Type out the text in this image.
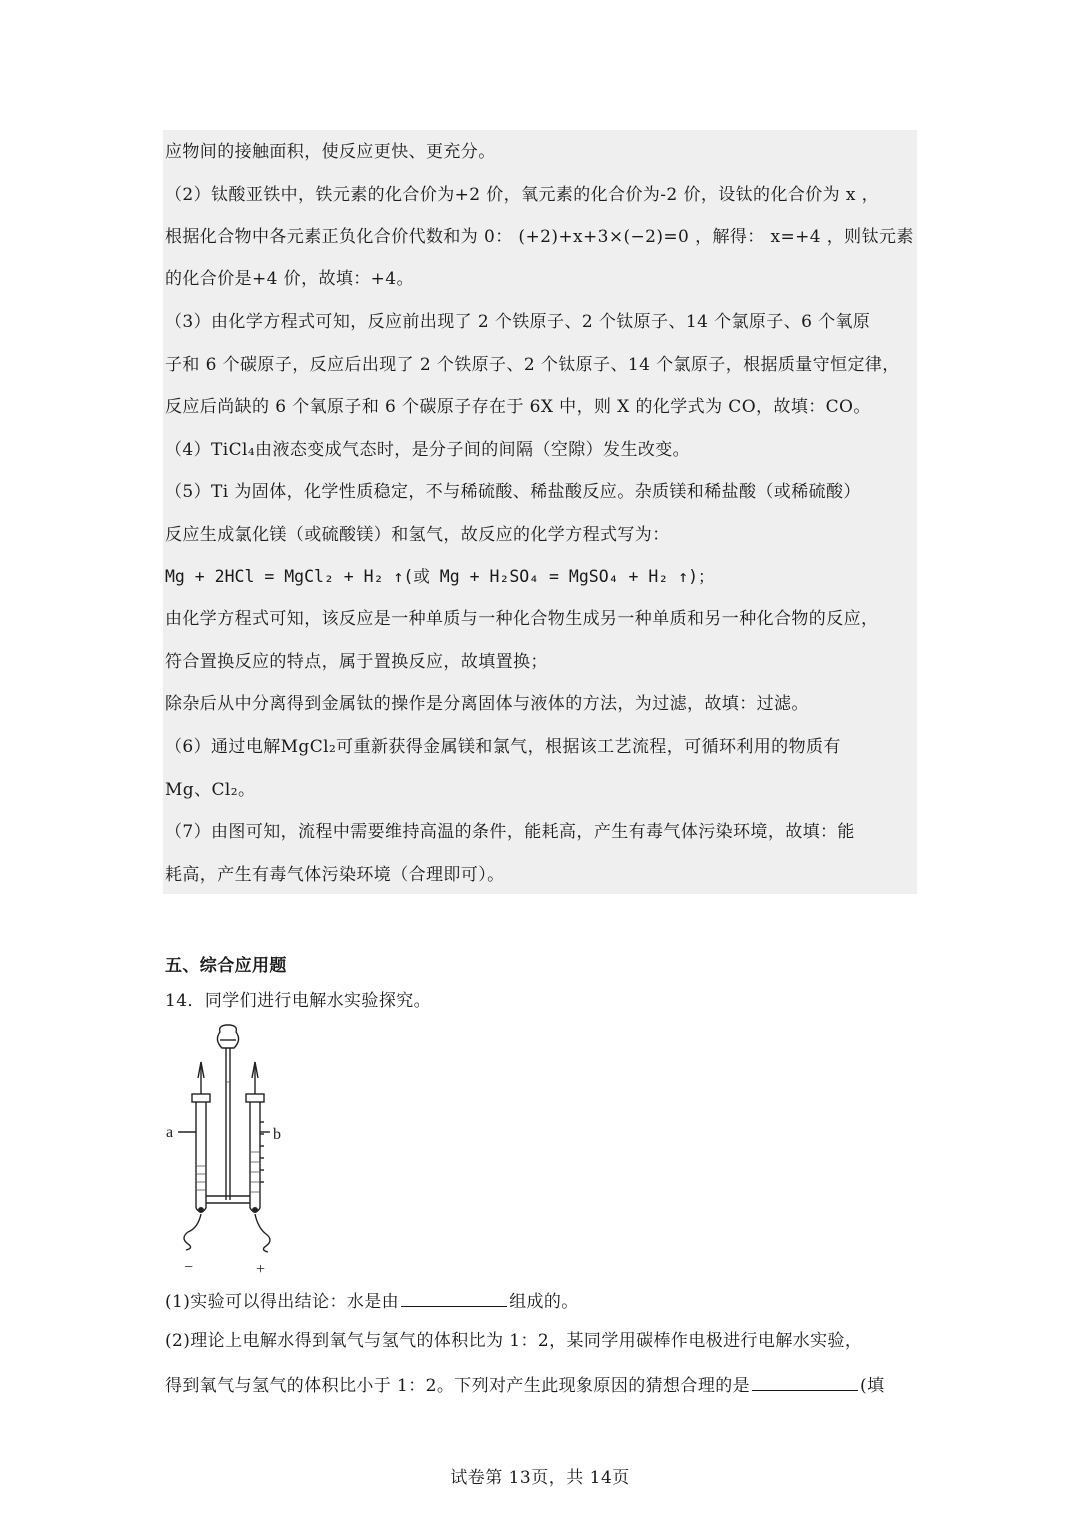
应物间的接触面积，使反应更快、更充分。
（2）钛酸亚铁中，铁元素的化合价为+2 价，氧元素的化合价为-2 价，设钛的化合价为 x ，
根据化合物中各元素正负化合价代数和为 0： (+2)+x+3×(−2)=0 ，解得： x=+4 ，则钛元素
的化合价是+4 价，故填：+4。
（3）由化学方程式可知，反应前出现了 2 个铁原子、2 个钛原子、14 个氯原子、6 个氧原
子和 6 个碳原子，反应后出现了 2 个铁原子、2 个钛原子、14 个氯原子，根据质量守恒定律，
反应后尚缺的 6 个氧原子和 6 个碳原子存在于 6X 中，则 X 的化学式为 CO，故填：CO。
（4）TiCl₄由液态变成气态时，是分子间的间隔（空隙）发生改变。
（5）Ti 为固体，化学性质稳定，不与稀硫酸、稀盐酸反应。杂质镁和稀盐酸（或稀硫酸）
反应生成氯化镁（或硫酸镁）和氢气，故反应的化学方程式写为：
Mg + 2HCl = MgCl₂ + H₂ ↑(或 Mg + H₂SO₄ = MgSO₄ + H₂ ↑)；
由化学方程式可知，该反应是一种单质与一种化合物生成另一种单质和另一种化合物的反应，
符合置换反应的特点，属于置换反应，故填置换；
除杂后从中分离得到金属钛的操作是分离固体与液体的方法，为过滤，故填：过滤。
（6）通过电解MgCl₂可重新获得金属镁和氯气，根据该工艺流程，可循环利用的物质有
Mg、Cl₂。
（7）由图可知，流程中需要维持高温的条件，能耗高，产生有毒气体污染环境，故填：能
耗高，产生有毒气体污染环境（合理即可）。
五、综合应用题
14．同学们进行电解水实验探究。
a	b
−	+
(1)实验可以得出结论：水是由	组成的。
(2)理论上电解水得到氧气与氢气的体积比为 1：2，某同学用碳棒作电极进行电解水实验，
得到氧气与氢气的体积比小于 1：2。下列对产生此现象原因的猜想合理的是	(填
试卷第 13页，共 14页
